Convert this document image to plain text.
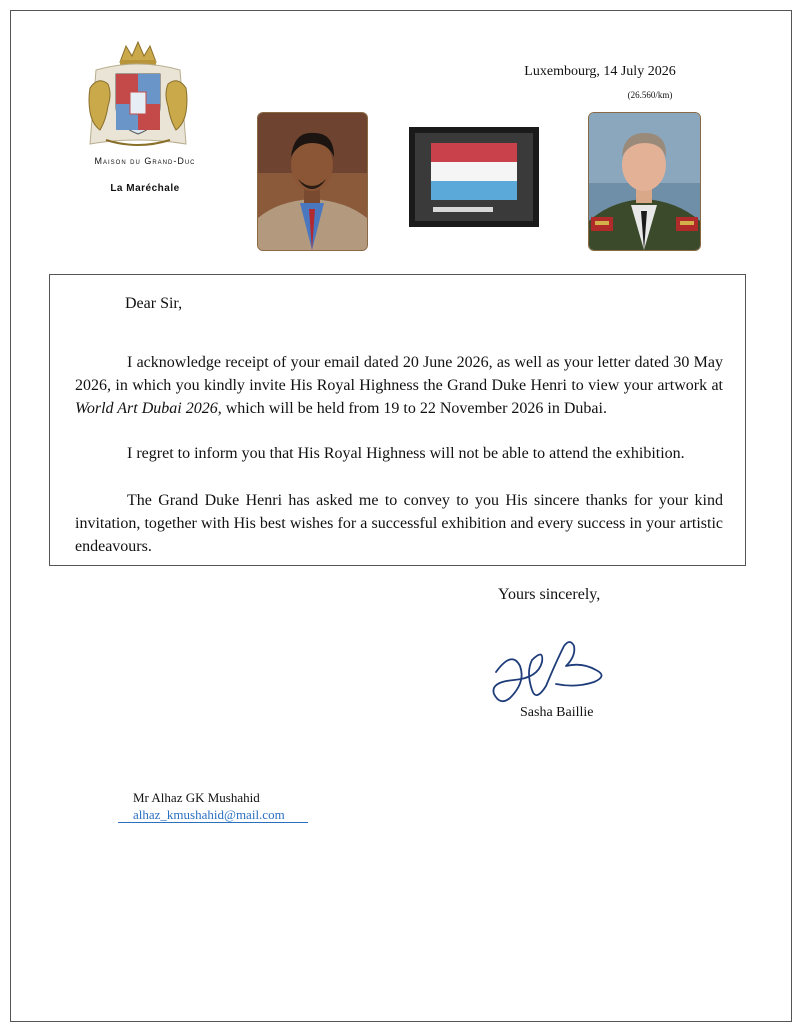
Maison du Grand-Duc
La Maréchale
Luxembourg, 14 July 2026
(26.560/km)
Dear Sir,

I acknowledge receipt of your email dated 20 June 2026, as well as your letter dated 30 May 2026, in which you kindly invite His Royal Highness the Grand Duke Henri to view your artwork at World Art Dubai 2026, which will be held from 19 to 22 November 2026 in Dubai.

I regret to inform you that His Royal Highness will not be able to attend the exhibition.

The Grand Duke Henri has asked me to convey to you His sincere thanks for your kind invitation, together with His best wishes for a successful exhibition and every success in your artistic endeavours.

Yours sincerely,
Sasha Baillie
Mr Alhaz GK Mushahid
alhaz_kmushahid@mail.com
